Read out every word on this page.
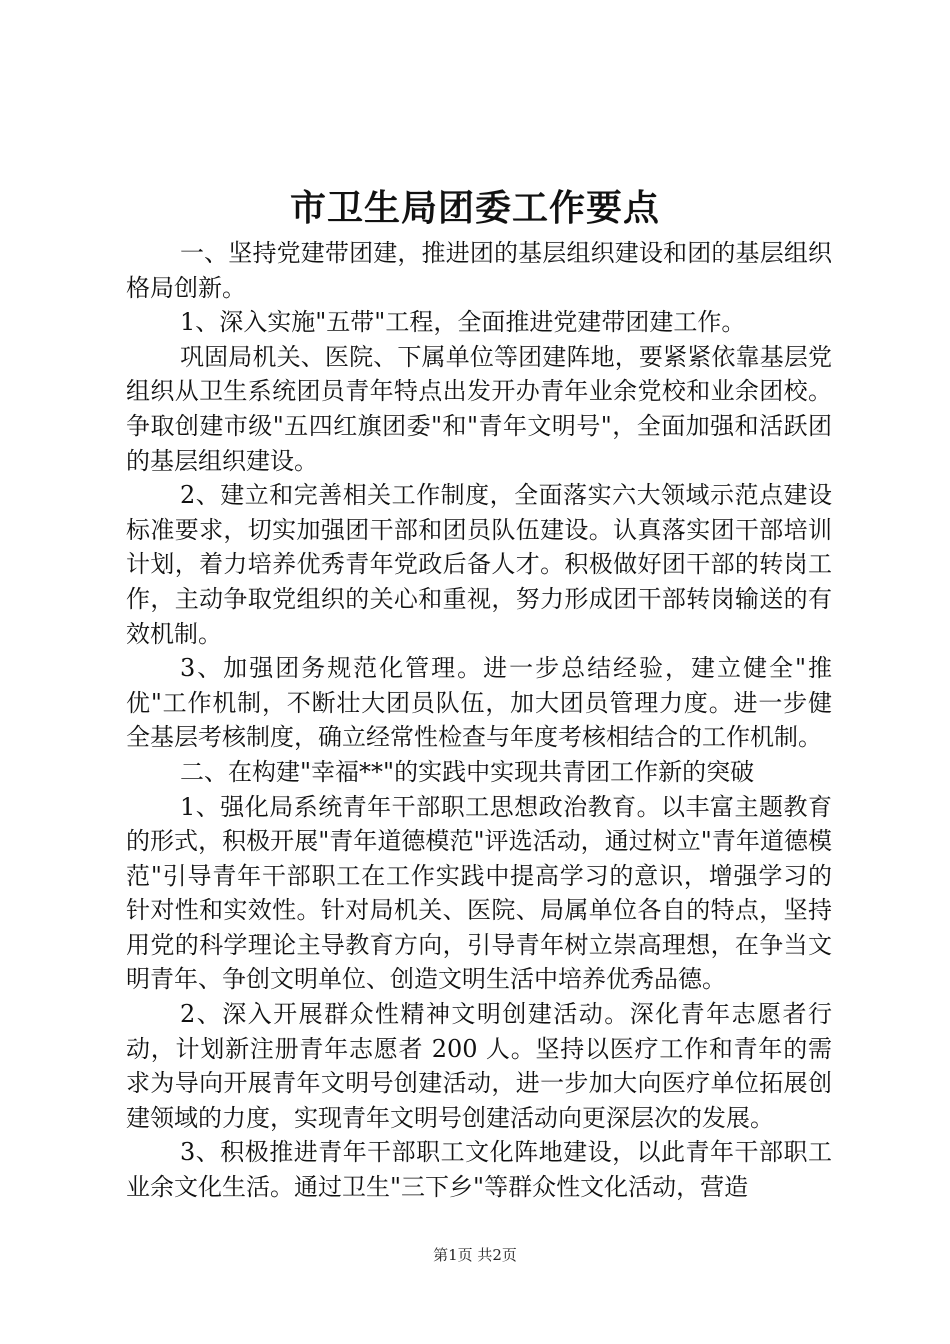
市卫生局团委工作要点

一、坚持党建带团建，推进团的基层组织建设和团的基层组织格局创新。

1、深入实施"五带"工程，全面推进党建带团建工作。

巩固局机关、医院、下属单位等团建阵地，要紧紧依靠基层党组织从卫生系统团员青年特点出发开办青年业余党校和业余团校。争取创建市级"五四红旗团委"和"青年文明号"，全面加强和活跃团的基层组织建设。

2、建立和完善相关工作制度，全面落实六大领域示范点建设标准要求，切实加强团干部和团员队伍建设。认真落实团干部培训计划，着力培养优秀青年党政后备人才。积极做好团干部的转岗工作，主动争取党组织的关心和重视，努力形成团干部转岗输送的有效机制。

3、加强团务规范化管理。进一步总结经验，建立健全"推优"工作机制，不断壮大团员队伍，加大团员管理力度。进一步健全基层考核制度，确立经常性检查与年度考核相结合的工作机制。

二、在构建"幸福**"的实践中实现共青团工作新的突破

1、强化局系统青年干部职工思想政治教育。以丰富主题教育的形式，积极开展"青年道德模范"评选活动，通过树立"青年道德模范"引导青年干部职工在工作实践中提高学习的意识，增强学习的针对性和实效性。针对局机关、医院、局属单位各自的特点，坚持用党的科学理论主导教育方向，引导青年树立崇高理想，在争当文明青年、争创文明单位、创造文明生活中培养优秀品德。

2、深入开展群众性精神文明创建活动。深化青年志愿者行动，计划新注册青年志愿者 200 人。坚持以医疗工作和青年的需求为导向开展青年文明号创建活动，进一步加大向医疗单位拓展创建领域的力度，实现青年文明号创建活动向更深层次的发展。

3、积极推进青年干部职工文化阵地建设，以此青年干部职工业余文化生活。通过卫生"三下乡"等群众性文化活动，营造

第1页 共2页
